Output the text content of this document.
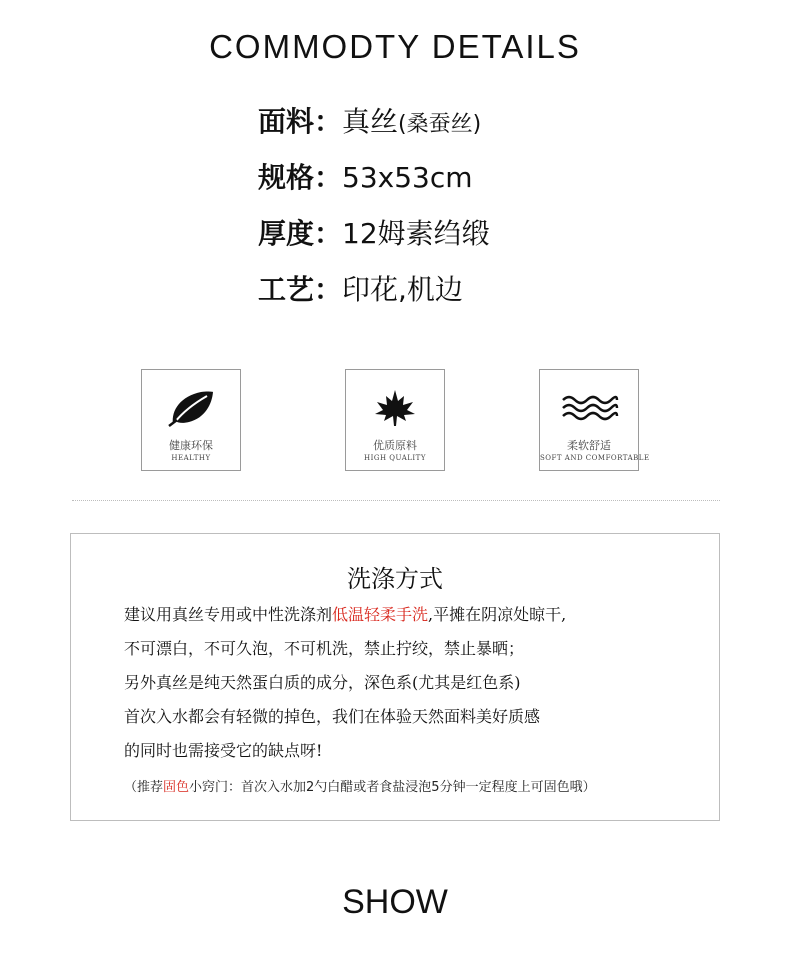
COMMODTY DETAILS
面料：真丝(桑蚕丝)
规格：53x53cm
厚度：12姆素绉缎
工艺：印花,机边
健康环保
HEALTHY
优质原料
HIGH QUALITY
柔软舒适
SOFT AND COMFORTABLE
洗涤方式
建议用真丝专用或中性洗涤剂低温轻柔手洗,平摊在阴凉处晾干,
不可漂白，不可久泡，不可机洗，禁止拧绞，禁止暴晒；
另外真丝是纯天然蛋白质的成分，深色系(尤其是红色系)
首次入水都会有轻微的掉色，我们在体验天然面料美好质感
的同时也需接受它的缺点呀!
（推荐固色小窍门：首次入水加2勺白醋或者食盐浸泡5分钟一定程度上可固色哦）
SHOW
